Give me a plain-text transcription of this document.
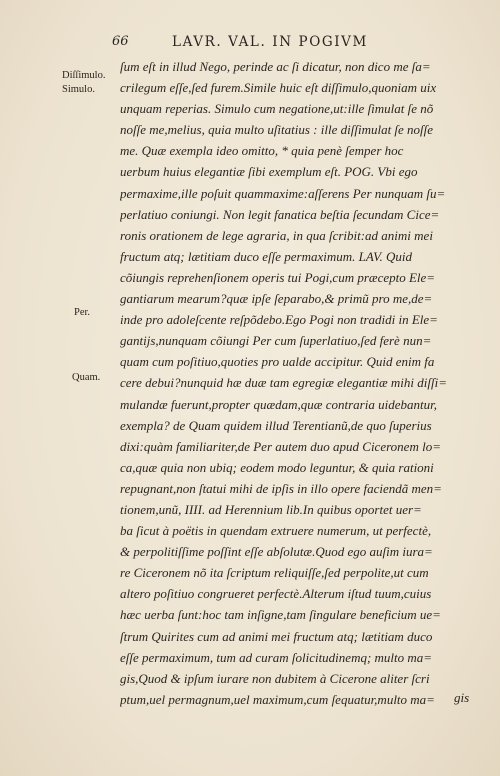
66	LAVR. VAL. IN POGIVM
Diſſimulo.
Simulo.
Per.
Quam.
ſum eſt in illud Nego, perinde ac ſi dicatur, non dico me ſa=
crilegum eſſe,ſed furem.Simile huic eſt diſſimulo,quoniam uix
unquam reperias. Simulo cum negatione,ut:ille ſimulat ſe nõ
noſſe me,melius, quia multo uſitatius : ille diſſimulat ſe noſſe
me. Quæ exempla ideo omitto, * quia penè ſemper hoc
uerbum huius elegantiæ ſibi exemplum eſt. POG. Vbi ego
permaxime,ille poſuit quammaxime:aſſerens Per nunquam ſu=
perlatiuo coniungi. Non legit fanatica beſtia ſecundam Cice=
ronis orationem de lege agraria, in qua ſcribit:ad animi mei
fructum atq; lætitiam duco eſſe permaximum. LAV. Quid
cõiungis reprehenſionem operis tui Pogi,cum præcepto Ele=
gantiarum mearum?quæ ipſe ſeparabo,& primũ pro me,de=
inde pro adoleſcente reſpõdebo.Ego Pogi non tradidi in Ele=
gantijs,nunquam cõiungi Per cum ſuperlatiuo,ſed ferè nun=
quam cum poſitiuo,quoties pro ualde accipitur. Quid enim fa
cere debui?nunquid hæ duæ tam egregiæ elegantiæ mihi diſſi=
mulandæ fuerunt,propter quædam,quæ contraria uidebantur,
exempla? de Quam quidem illud Terentianũ,de quo ſuperius
dixi:quàm familiariter,de Per autem duo apud Ciceronem lo=
ca,quæ quia non ubiq; eodem modo leguntur, & quia rationi
repugnant,non ſtatui mihi de ipſis in illo opere faciendã men=
tionem,unũ, IIII. ad Herennium lib.In quibus oportet uer=
ba ſicut à poëtis in quendam extruere numerum, ut perfectè,
& perpolitiſſime poſſint eſſe abſolutæ.Quod ego auſim iura=
re Ciceronem nõ ita ſcriptum reliquiſſe,ſed perpolite,ut cum
altero poſitiuo congrueret perfectè.Alterum iſtud tuum,cuius
hæc uerba ſunt:hoc tam inſigne,tam ſingulare beneficium ue=
ſtrum Quirites cum ad animi mei fructum atq; lætitiam duco
eſſe permaximum, tum ad curam ſolicitudinemq; multo ma=
gis,Quod & ipſum iurare non dubitem à Cicerone aliter ſcri
ptum,uel permagnum,uel maximum,cum ſequatur,multo ma=	gis
